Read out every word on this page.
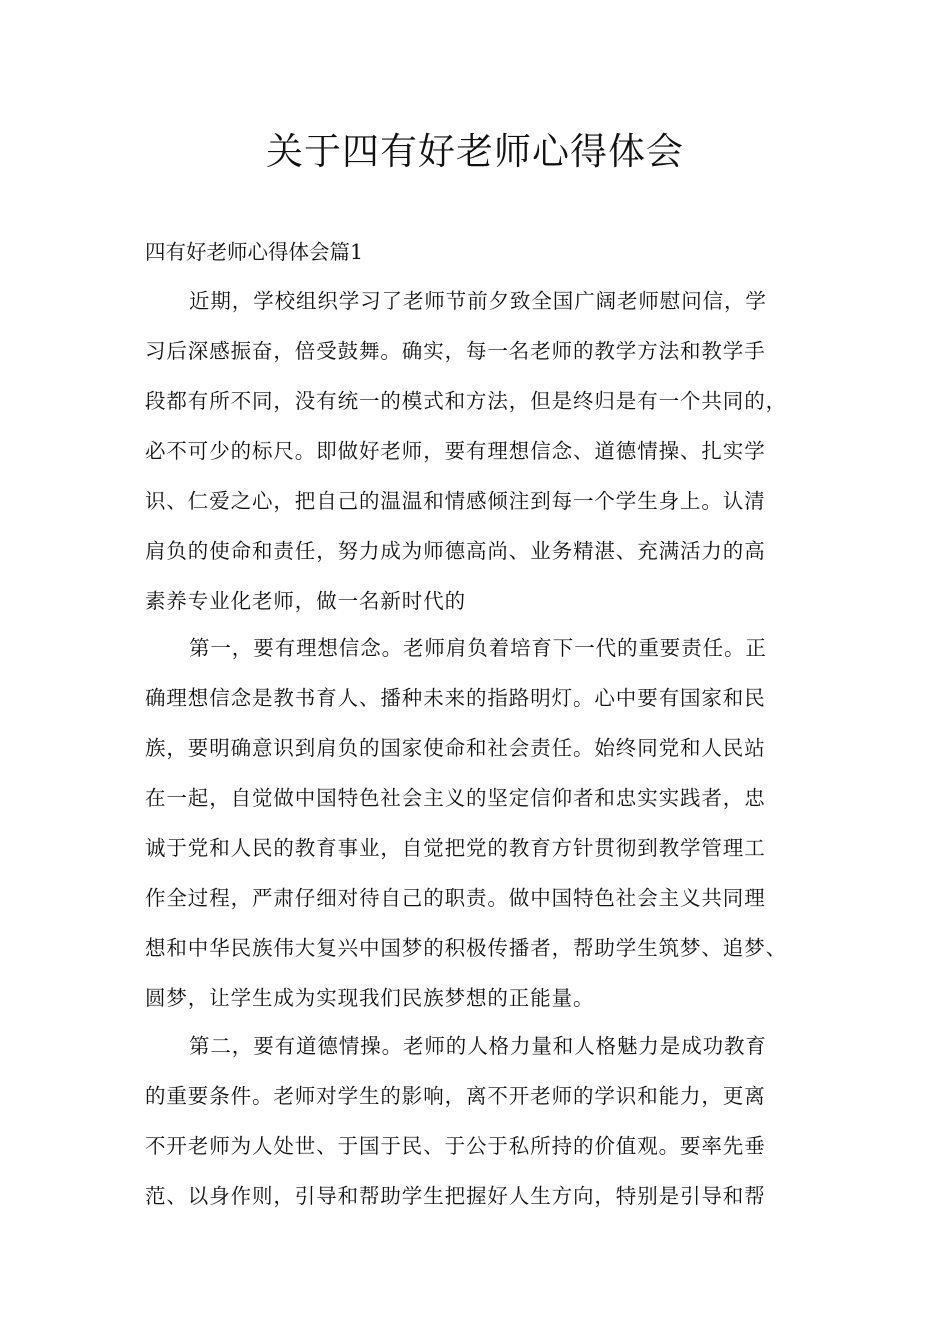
关于四有好老师心得体会

四有好老师心得体会篇1

近期，学校组织学习了老师节前夕致全国广阔老师慰问信，学
习后深感振奋，倍受鼓舞。确实，每一名老师的教学方法和教学手
段都有所不同，没有统一的模式和方法，但是终归是有一个共同的，
必不可少的标尺。即做好老师，要有理想信念、道德情操、扎实学
识、仁爱之心，把自己的温温和情感倾注到每一个学生身上。认清
肩负的使命和责任，努力成为师德高尚、业务精湛、充满活力的高
素养专业化老师，做一名新时代的
第一，要有理想信念。老师肩负着培育下一代的重要责任。正
确理想信念是教书育人、播种未来的指路明灯。心中要有国家和民
族，要明确意识到肩负的国家使命和社会责任。始终同党和人民站
在一起，自觉做中国特色社会主义的坚定信仰者和忠实实践者，忠
诚于党和人民的教育事业，自觉把党的教育方针贯彻到教学管理工
作全过程，严肃仔细对待自己的职责。做中国特色社会主义共同理
想和中华民族伟大复兴中国梦的积极传播者，帮助学生筑梦、追梦、
圆梦，让学生成为实现我们民族梦想的正能量。
第二，要有道德情操。老师的人格力量和人格魅力是成功教育
的重要条件。老师对学生的影响，离不开老师的学识和能力，更离
不开老师为人处世、于国于民、于公于私所持的价值观。要率先垂
范、以身作则，引导和帮助学生把握好人生方向，特别是引导和帮
